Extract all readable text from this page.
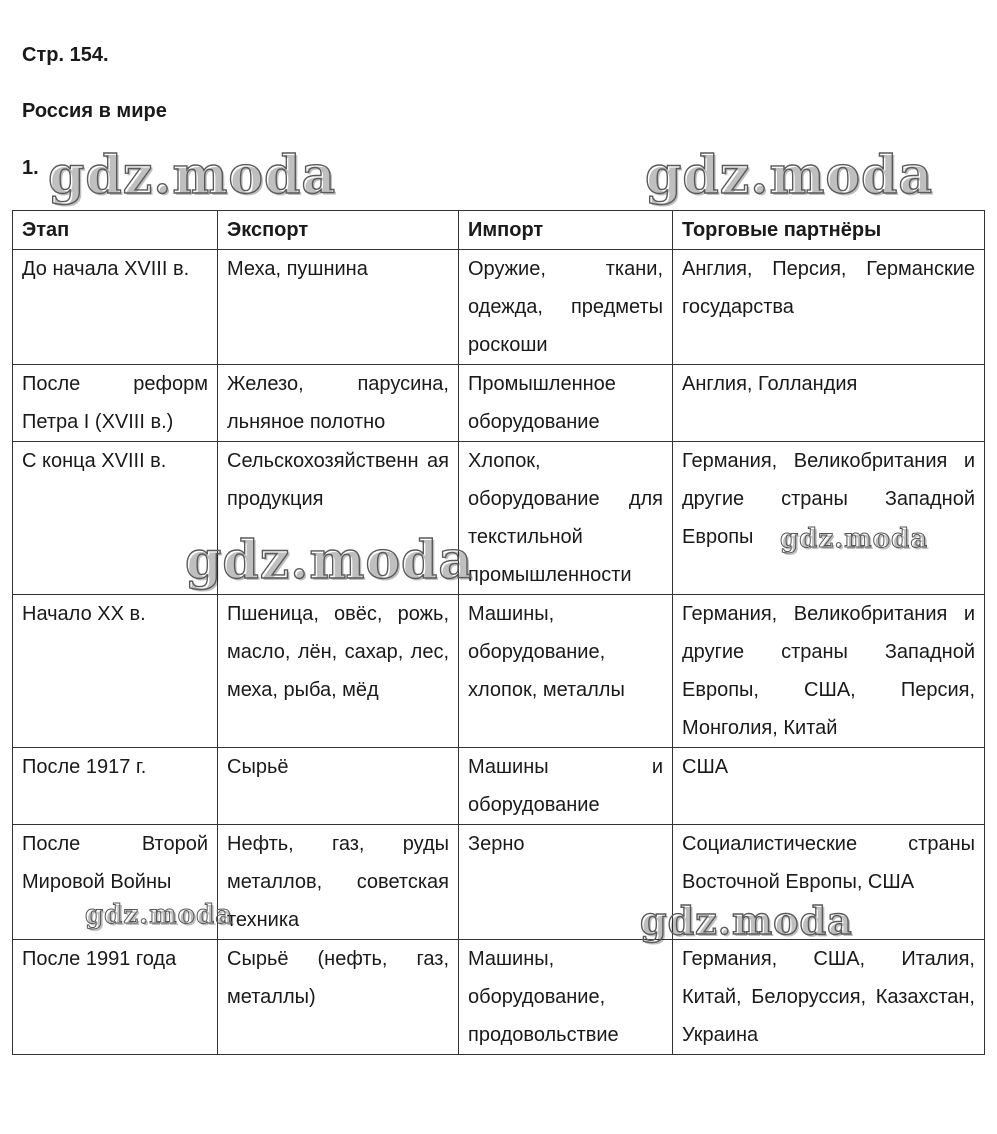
Стр. 154.
Россия в мире
1.
Этап	Экспорт	Импорт	Торговые партнёры
До начала XVIII в.	Меха, пушнина	Оружие, ткани, одежда, предметы роскоши	Англия, Персия, Германские государства
После реформ Петра I (XVIII в.)	Железо, парусина, льняное полотно	Промышленное оборудование	Англия, Голландия
С конца XVIII в.	Сельскохозяйственн ая продукция	Хлопок, оборудование для текстильной промышленности	Германия, Великобритания и другие страны Западной Европы
Начало XX в.	Пшеница, овёс, рожь, масло, лён, сахар, лес, меха, рыба, мёд	Машины, оборудование, хлопок, металлы	Германия, Великобритания и другие страны Западной Европы, США, Персия, Монголия, Китай
После 1917 г.	Сырьё	Машины и оборудование	США
После Второй Мировой Войны	Нефть, газ, руды металлов, советская техника	Зерно	Социалистические страны Восточной Европы, США
После 1991 года	Сырьё (нефть, газ, металлы)	Машины, оборудование, продовольствие	Германия, США, Италия, Китай, Белоруссия, Казахстан, Украина
gdz.moda	gdz.moda
gdz.moda	gdz.moda
gdz.moda	gdz.moda
